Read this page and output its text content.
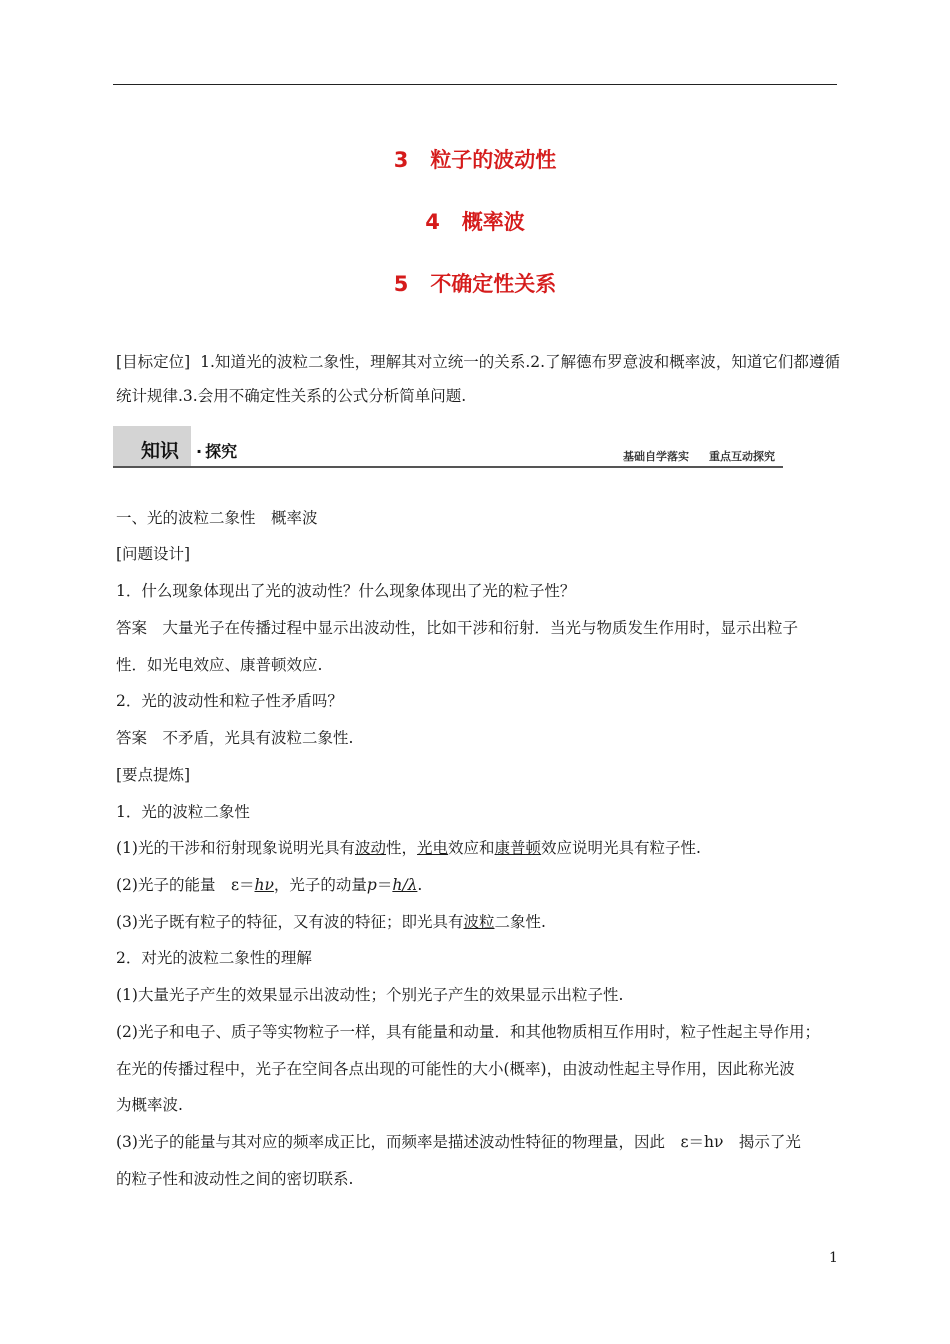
3 粒子的波动性
4 概率波
5 不确定性关系
[目标定位] 1.知道光的波粒二象性，理解其对立统一的关系.2.了解德布罗意波和概率波，知道它们都遵循统计规律.3.会用不确定性关系的公式分析简单问题.
知识 · 探究	基础自学落实 重点互动探究
一、光的波粒二象性　概率波
[问题设计]
1．什么现象体现出了光的波动性？什么现象体现出了光的粒子性？
答案　大量光子在传播过程中显示出波动性，比如干涉和衍射．当光与物质发生作用时，显示出粒子
性．如光电效应、康普顿效应.
2．光的波动性和粒子性矛盾吗？
答案　不矛盾，光具有波粒二象性.
[要点提炼]
1．光的波粒二象性
(1)光的干涉和衍射现象说明光具有波动性，光电效应和康普顿效应说明光具有粒子性.
(2)光子的能量　ε＝hν，光子的动量p＝h/λ.
(3)光子既有粒子的特征，又有波的特征；即光具有波粒二象性.
2．对光的波粒二象性的理解
(1)大量光子产生的效果显示出波动性；个别光子产生的效果显示出粒子性.
(2)光子和电子、质子等实物粒子一样，具有能量和动量．和其他物质相互作用时，粒子性起主导作用；
在光的传播过程中，光子在空间各点出现的可能性的大小(概率)，由波动性起主导作用，因此称光波
为概率波.
(3)光子的能量与其对应的频率成正比，而频率是描述波动性特征的物理量，因此　ε＝hν　揭示了光
的粒子性和波动性之间的密切联系.
1
